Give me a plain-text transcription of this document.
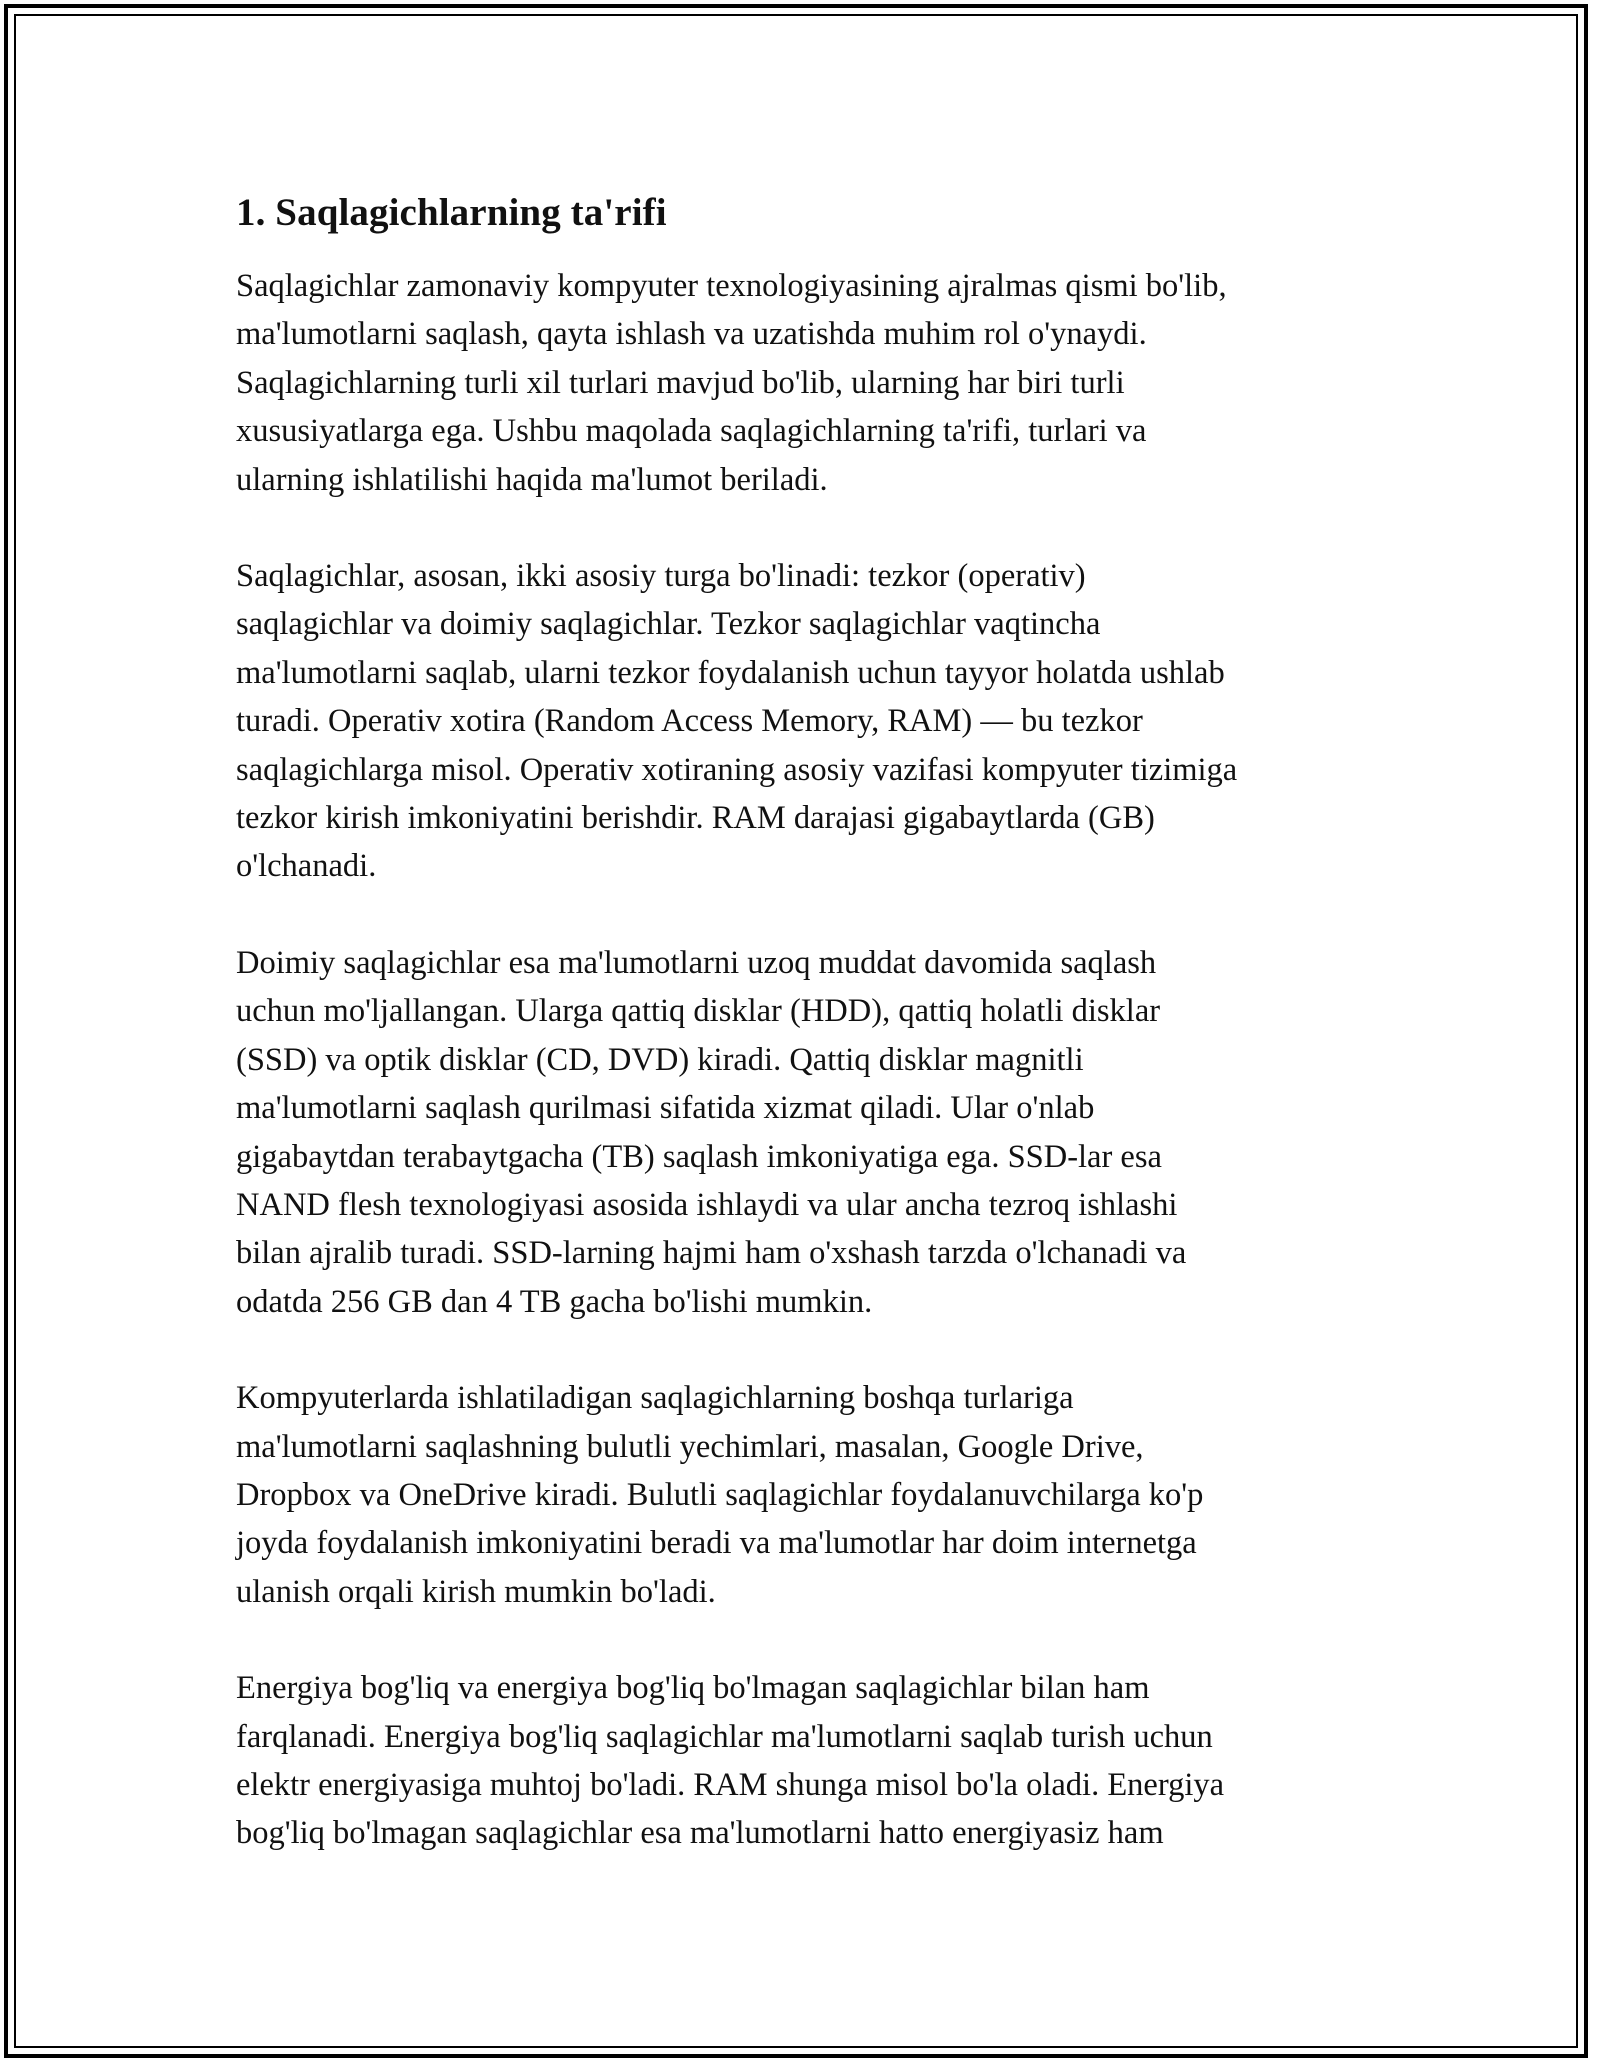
1. Saqlagichlarning ta'rifi

Saqlagichlar zamonaviy kompyuter texnologiyasining ajralmas qismi bo'lib,
ma'lumotlarni saqlash, qayta ishlash va uzatishda muhim rol o'ynaydi.
Saqlagichlarning turli xil turlari mavjud bo'lib, ularning har biri turli
xususiyatlarga ega. Ushbu maqolada saqlagichlarning ta'rifi, turlari va
ularning ishlatilishi haqida ma'lumot beriladi.

Saqlagichlar, asosan, ikki asosiy turga bo'linadi: tezkor (operativ)
saqlagichlar va doimiy saqlagichlar. Tezkor saqlagichlar vaqtincha
ma'lumotlarni saqlab, ularni tezkor foydalanish uchun tayyor holatda ushlab
turadi. Operativ xotira (Random Access Memory, RAM) — bu tezkor
saqlagichlarga misol. Operativ xotiraning asosiy vazifasi kompyuter tizimiga
tezkor kirish imkoniyatini berishdir. RAM darajasi gigabaytlarda (GB)
o'lchanadi.

Doimiy saqlagichlar esa ma'lumotlarni uzoq muddat davomida saqlash
uchun mo'ljallangan. Ularga qattiq disklar (HDD), qattiq holatli disklar
(SSD) va optik disklar (CD, DVD) kiradi. Qattiq disklar magnitli
ma'lumotlarni saqlash qurilmasi sifatida xizmat qiladi. Ular o'nlab
gigabaytdan terabaytgacha (TB) saqlash imkoniyatiga ega. SSD-lar esa
NAND flesh texnologiyasi asosida ishlaydi va ular ancha tezroq ishlashi
bilan ajralib turadi. SSD-larning hajmi ham o'xshash tarzda o'lchanadi va
odatda 256 GB dan 4 TB gacha bo'lishi mumkin.

Kompyuterlarda ishlatiladigan saqlagichlarning boshqa turlariga
ma'lumotlarni saqlashning bulutli yechimlari, masalan, Google Drive,
Dropbox va OneDrive kiradi. Bulutli saqlagichlar foydalanuvchilarga ko'p
joyda foydalanish imkoniyatini beradi va ma'lumotlar har doim internetga
ulanish orqali kirish mumkin bo'ladi.

Energiya bog'liq va energiya bog'liq bo'lmagan saqlagichlar bilan ham
farqlanadi. Energiya bog'liq saqlagichlar ma'lumotlarni saqlab turish uchun
elektr energiyasiga muhtoj bo'ladi. RAM shunga misol bo'la oladi. Energiya
bog'liq bo'lmagan saqlagichlar esa ma'lumotlarni hatto energiyasiz ham
